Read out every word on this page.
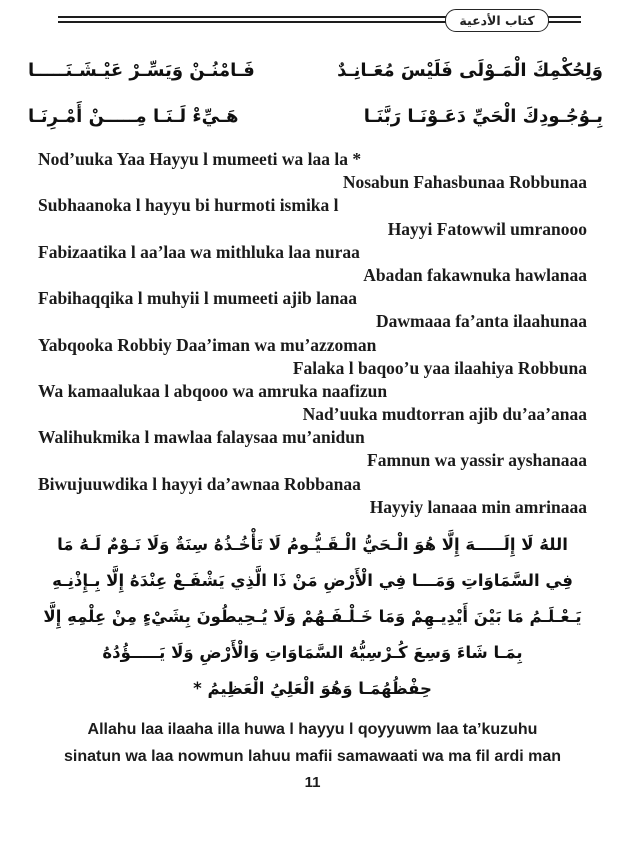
كتاب الأدعية
وَلِحُكْمِكَ الْمَـوْلَى فَلَيْسَ مُعَـانِـدٌ
فَـامْنُـنْ وَيَسِّـرْ عَيْـشَـنَـــــا
بِـوُجُـودِكَ الْحَيِّ دَعَـوْنَـا رَبَّنَـا
هَـيِّءْ لَـنَـا مِـــــنْ أَمْـرِنَـا
Nod’uuka Yaa Hayyu l mumeeti wa laa la *
Nosabun Fahasbunaa Robbunaa
Subhaanoka l hayyu bi hurmoti ismika l
Hayyi Fatowwil umranooo
Fabizaatika l aa’laa wa mithluka laa nuraa
Abadan fakawnuka hawlanaa
Fabihaqqika l muhyii l mumeeti ajib lanaa
Dawmaaa fa’anta ilaahunaa
Yabqooka Robbiy Daa’iman wa mu’azzoman
Falaka l baqoo’u yaa ilaahiya Robbuna
Wa kamaalukaa l abqooo wa amruka naafizun
Nad’uuka mudtorran ajib du’aa’anaa
Walihukmika l mawlaa falaysaa mu’anidun
Famnun wa yassir ayshanaaa
Biwujuuwdika l hayyi da’awnaa Robbanaa
Hayyiy lanaaa min amrinaaa
اللهُ لَا إِلَـــــهَ إِلَّا هُوَ الْـحَيُّ الْـقَـيُّـومُ لَا تَأْخُـذُهُ سِنَةٌ وَلَا نَـوْمٌ لَـهُ مَا
فِي السَّمَاوَاتِ وَمَـــا فِي الْأَرْضِ مَنْ ذَا الَّذِي يَشْفَـعْ عِنْدَهُ إِلَّا بِـإِذْنِـهِ
يَـعْـلَـمُ مَا بَيْنَ أَيْدِيـهِمْ وَمَا خَـلْـفَـهُمْ وَلَا يُـحِيطُونَ بِشَيْءٍ مِنْ عِلْمِهِ إِلَّا
بِمَـا شَاءَ وَسِعَ كُـرْسِيُّهُ السَّمَاوَاتِ وَالْأَرْضِ وَلَا يَـــــؤُدُهُ
حِفْظُهُمَـا وَهُوَ الْعَلِيُ الْعَظِيمُ *
Allahu laa ilaaha illa huwa l hayyu l qoyyuwm laa ta’kuzuhu
sinatun wa laa nowmun lahuu mafii samawaati wa ma fil ardi man
11
